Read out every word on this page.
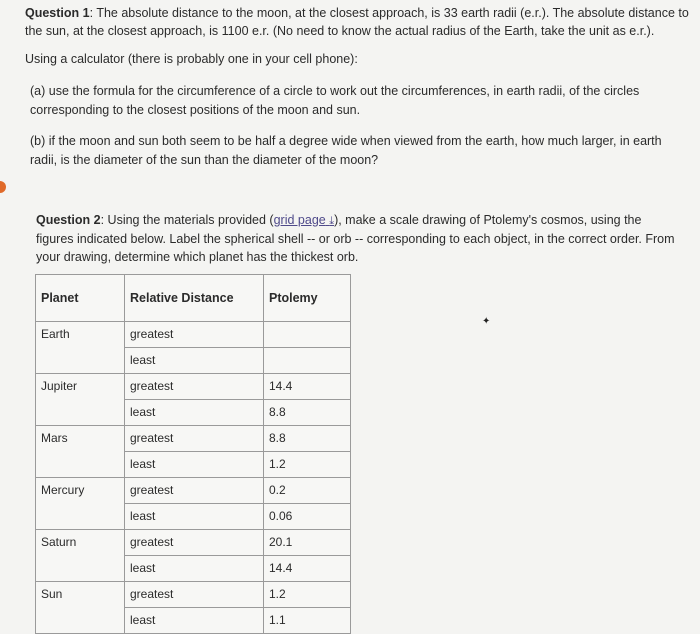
Question 1: The absolute distance to the moon, at the closest approach, is 33 earth radii (e.r.). The absolute distance to the sun, at the closest approach, is 1100 e.r. (No need to know the actual radius of the Earth, take the unit as e.r.).

Using a calculator (there is probably one in your cell phone):
(a) use the formula for the circumference of a circle to work out the circumferences, in earth radii, of the circles corresponding to the closest positions of the moon and sun.
(b) if the moon and sun both seem to be half a degree wide when viewed from the earth, how much larger, in earth radii, is the diameter of the sun than the diameter of the moon?
Question 2: Using the materials provided (grid page ⤓), make a scale drawing of Ptolemy's cosmos, using the figures indicated below. Label the spherical shell -- or orb -- corresponding to each object, in the correct order. From your drawing, determine which planet has the thickest orb.
✦
Planet	Relative Distance	Ptolemy
Earth	greatest	
	least	
Jupiter	greatest	14.4
	least	8.8
Mars	greatest	8.8
	least	1.2
Mercury	greatest	0.2
	least	0.06
Saturn	greatest	20.1
	least	14.4
Sun	greatest	1.2
	least	1.1
